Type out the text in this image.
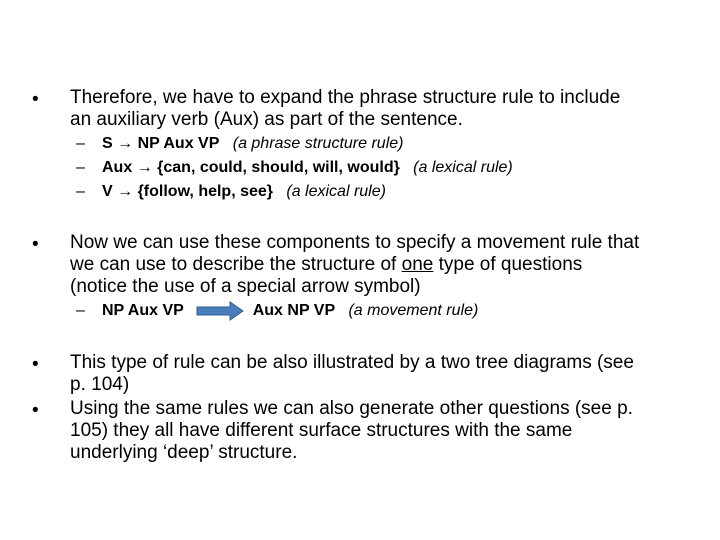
• Therefore, we have to expand the phrase structure rule to include
an auxiliary verb (Aux) as part of the sentence.
– S → NP Aux VP (a phrase structure rule)
– Aux → {can, could, should, will, would} (a lexical rule)
– V → {follow, help, see} (a lexical rule)
• Now we can use these components to specify a movement rule that
we can use to describe the structure of one type of questions
(notice the use of a special arrow symbol)
– NP Aux VP	Aux NP VP (a movement rule)
• This type of rule can be also illustrated by a two tree diagrams (see
p. 104)
• Using the same rules we can also generate other questions (see p.
105) they all have different surface structures with the same
underlying ‘deep’ structure.
